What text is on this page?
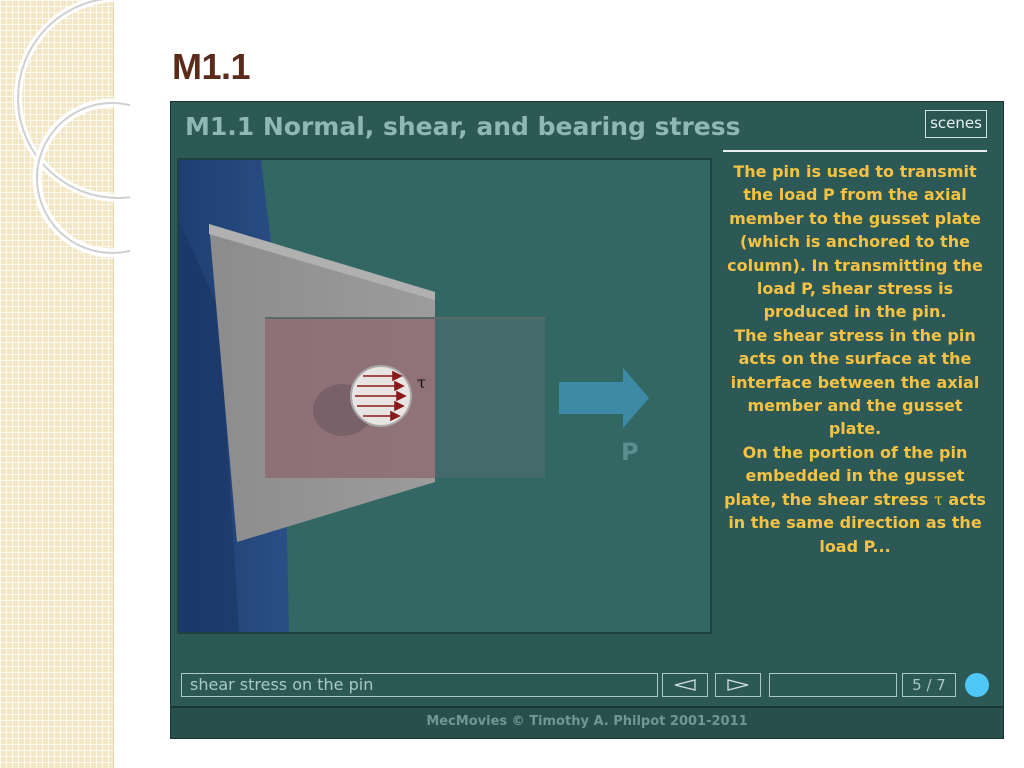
M1.1
M1.1 Normal, shear, and bearing stress	scenes
τ
P

The pin is used to transmit the load P from the axial member to the gusset plate (which is anchored to the column). In transmitting the load P, shear stress is produced in the pin.

The shear stress in the pin acts on the surface at the interface between the axial member and the gusset plate.

On the portion of the pin embedded in the gusset plate, the shear stress τ acts in the same direction as the load P...

shear stress on the pin	5 / 7
MecMovies © Timothy A. Philpot 2001-2011
